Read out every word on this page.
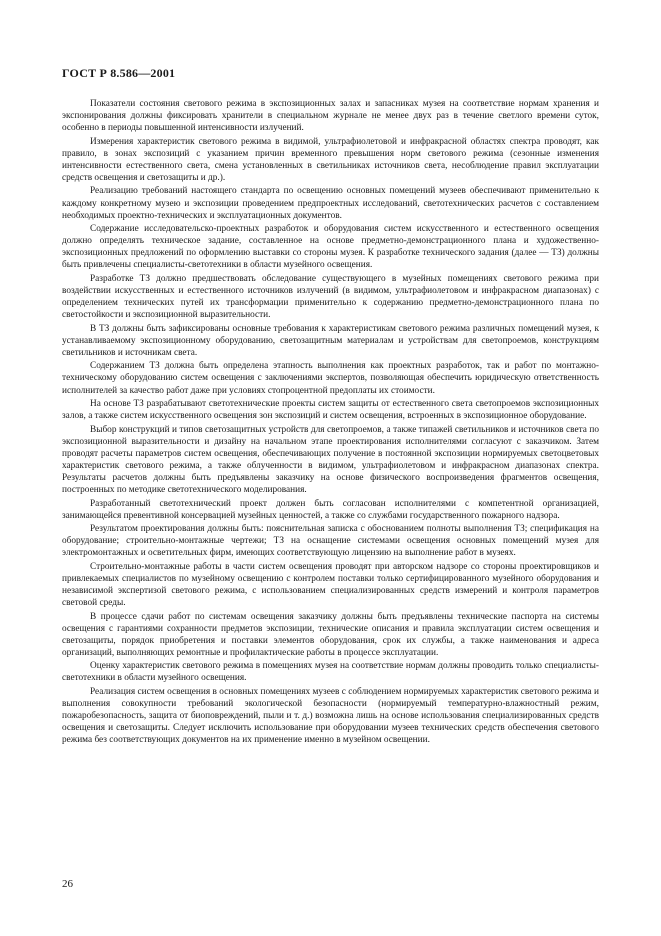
ГОСТ Р 8.586—2001

Показатели состояния светового режима в экспозиционных залах и запасниках музея на соответствие нормам хранения и экспонирования должны фиксировать хранители в специальном журнале не менее двух раз в течение светлого времени суток, особенно в периоды повышенной интенсивности излучений.

Измерения характеристик светового режима в видимой, ультрафиолетовой и инфракрасной областях спектра проводят, как правило, в зонах экспозиций с указанием причин временного превышения норм светового режима (сезонные изменения интенсивности естественного света, смена установленных в светильниках источников света, несоблюдение правил эксплуатации средств освещения и светозащиты и др.).

Реализацию требований настоящего стандарта по освещению основных помещений музеев обеспечивают применительно к каждому конкретному музею и экспозиции проведением предпроектных исследований, светотехнических расчетов с составлением необходимых проектно-технических и эксплуатационных документов.

Содержание исследовательско-проектных разработок и оборудования систем искусственного и естественного освещения должно определять техническое задание, составленное на основе предметно-демонстрационного плана и художественно-экспозиционных предложений по оформлению выставки со стороны музея. К разработке технического задания (далее — ТЗ) должны быть привлечены специалисты-светотехники в области музейного освещения.

Разработке ТЗ должно предшествовать обследование существующего в музейных помещениях светового режима при воздействии искусственных и естественного источников излучений (в видимом, ультрафиолетовом и инфракрасном диапазонах) с определением технических путей их трансформации применительно к содержанию предметно-демонстрационного плана по светостойкости и экспозиционной выразительности.

В ТЗ должны быть зафиксированы основные требования к характеристикам светового режима различных помещений музея, к устанавливаемому экспозиционному оборудованию, светозащитным материалам и устройствам для светопроемов, конструкциям светильников и источникам света.

Содержанием ТЗ должна быть определена этапность выполнения как проектных разработок, так и работ по монтажно-техническому оборудованию систем освещения с заключениями экспертов, позволяющая обеспечить юридическую ответственность исполнителей за качество работ даже при условиях стопроцентной предоплаты их стоимости.

На основе ТЗ разрабатывают светотехнические проекты систем защиты от естественного света светопроемов экспозиционных залов, а также систем искусственного освещения зон экспозиций и систем освещения, встроенных в экспозиционное оборудование.

Выбор конструкций и типов светозащитных устройств для светопроемов, а также типажей светильников и источников света по экспозиционной выразительности и дизайну на начальном этапе проектирования исполнителями согласуют с заказчиком. Затем проводят расчеты параметров систем освещения, обеспечивающих получение в постоянной экспозиции нормируемых светоцветовых характеристик светового режима, а также облученности в видимом, ультрафиолетовом и инфракрасном диапазонах спектра. Результаты расчетов должны быть предъявлены заказчику на основе физического воспроизведения фрагментов освещения, построенных по методике светотехнического моделирования.

Разработанный светотехнический проект должен быть согласован исполнителями с компетентной организацией, занимающейся превентивной консервацией музейных ценностей, а также со службами государственного пожарного надзора.

Результатом проектирования должны быть: пояснительная записка с обоснованием полноты выполнения ТЗ; спецификация на оборудование; строительно-монтажные чертежи; ТЗ на оснащение системами освещения основных помещений музея для электромонтажных и осветительных фирм, имеющих соответствующую лицензию на выполнение работ в музеях.

Строительно-монтажные работы в части систем освещения проводят при авторском надзоре со стороны проектировщиков и привлекаемых специалистов по музейному освещению с контролем поставки только сертифицированного музейного оборудования и независимой экспертизой светового режима, с использованием специализированных средств измерений и контроля параметров световой среды.

В процессе сдачи работ по системам освещения заказчику должны быть предъявлены технические паспорта на системы освещения с гарантиями сохранности предметов экспозиции, технические описания и правила эксплуатации систем освещения и светозащиты, порядок приобретения и поставки элементов оборудования, срок их службы, а также наименования и адреса организаций, выполняющих ремонтные и профилактические работы в процессе эксплуатации.

Оценку характеристик светового режима в помещениях музея на соответствие нормам должны проводить только специалисты-светотехники в области музейного освещения.

Реализация систем освещения в основных помещениях музеев с соблюдением нормируемых характеристик светового режима и выполнения совокупности требований экологической безопасности (нормируемый температурно-влажностный режим, пожаробезопасность, защита от биоповреждений, пыли и т. д.) возможна лишь на основе использования специализированных средств освещения и светозащиты. Следует исключить использование при оборудовании музеев технических средств обеспечения светового режима без соответствующих документов на их применение именно в музейном освещении.

26
